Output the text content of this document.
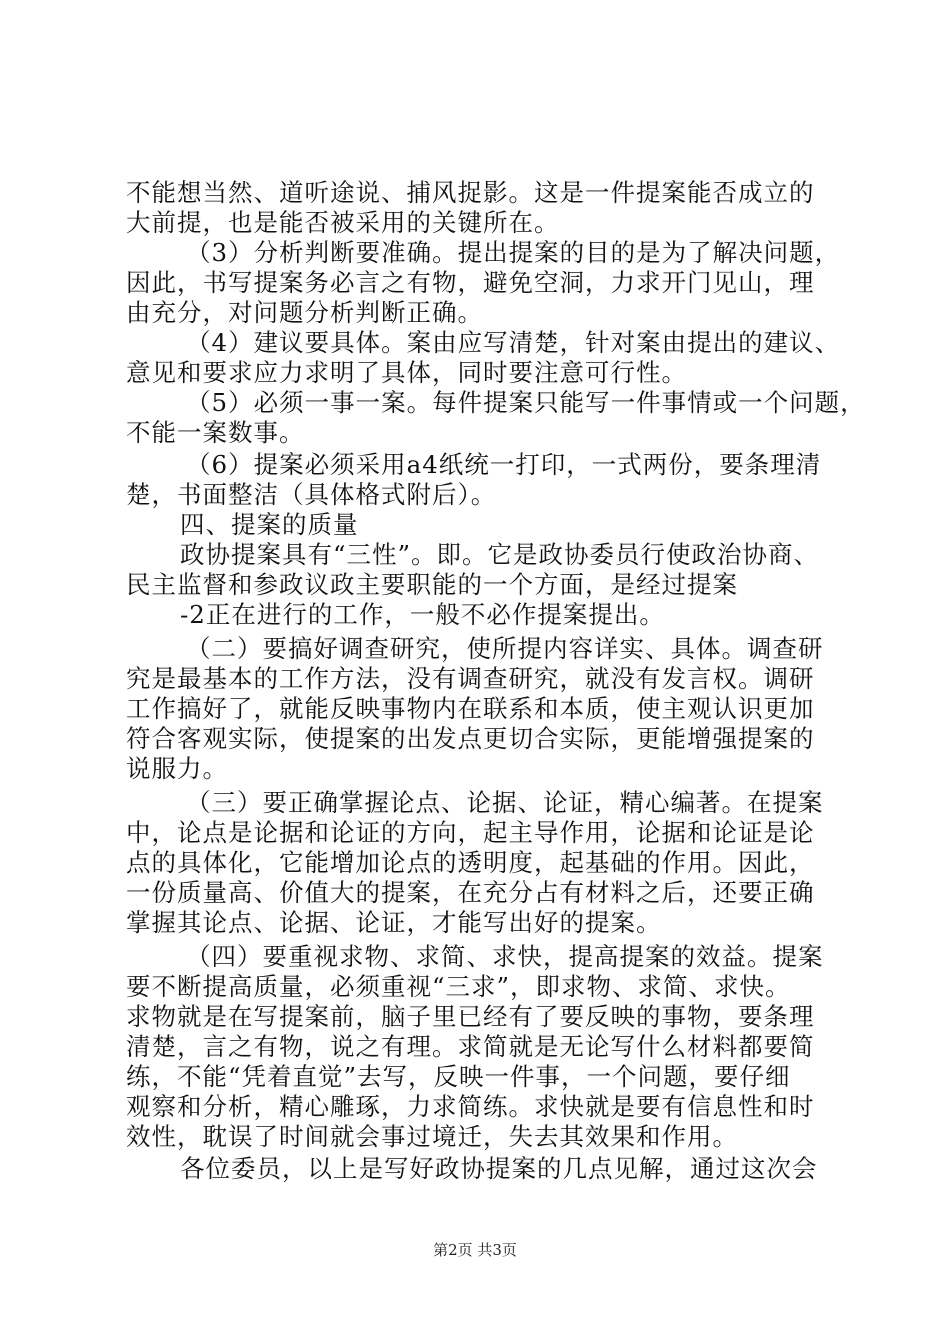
不能想当然、道听途说、捕风捉影。这是一件提案能否成立的
大前提，也是能否被采用的关键所在。
（3）分析判断要准确。提出提案的目的是为了解决问题，
因此，书写提案务必言之有物，避免空洞，力求开门见山，理
由充分，对问题分析判断正确。
（4）建议要具体。案由应写清楚，针对案由提出的建议、
意见和要求应力求明了具体，同时要注意可行性。
（5）必须一事一案。每件提案只能写一件事情或一个问题，
不能一案数事。
（6）提案必须采用a4纸统一打印，一式两份，要条理清
楚，书面整洁（具体格式附后）。
四、提案的质量
政协提案具有“三性”。即。它是政协委员行使政治协商、
民主监督和参政议政主要职能的一个方面，是经过提案
-2正在进行的工作，一般不必作提案提出。
（二）要搞好调查研究，使所提内容详实、具体。调查研
究是最基本的工作方法，没有调查研究，就没有发言权。调研
工作搞好了，就能反映事物内在联系和本质，使主观认识更加
符合客观实际，使提案的出发点更切合实际，更能增强提案的
说服力。
（三）要正确掌握论点、论据、论证，精心编著。在提案
中，论点是论据和论证的方向，起主导作用，论据和论证是论
点的具体化，它能增加论点的透明度，起基础的作用。因此，
一份质量高、价值大的提案，在充分占有材料之后，还要正确
掌握其论点、论据、论证，才能写出好的提案。
（四）要重视求物、求简、求快，提高提案的效益。提案
要不断提高质量，必须重视“三求”，即求物、求简、求快。
求物就是在写提案前，脑子里已经有了要反映的事物，要条理
清楚，言之有物，说之有理。求简就是无论写什么材料都要简
练，不能“凭着直觉”去写，反映一件事，一个问题，要仔细
观察和分析，精心雕琢，力求简练。求快就是要有信息性和时
效性，耽误了时间就会事过境迁，失去其效果和作用。
各位委员，以上是写好政协提案的几点见解，通过这次会
第2页 共3页
